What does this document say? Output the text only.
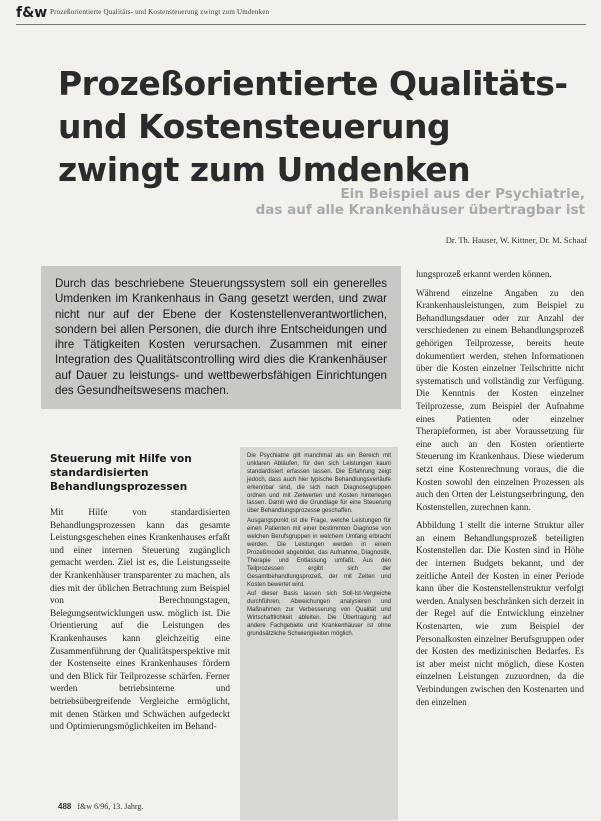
f&w Prozeßorientierte Qualitäts- und Kostensteuerung zwingt zum Umdenken
Prozeßorientierte Qualitäts-
und Kostensteuerung
zwingt zum Umdenken
Ein Beispiel aus der Psychiatrie,
das auf alle Krankenhäuser übertragbar ist
Dr. Th. Hauser, W. Kittner, Dr. M. Schaaf
Durch das beschriebene Steuerungssystem soll ein generelles Umdenken im Krankenhaus in Gang gesetzt werden, und zwar nicht nur auf der Ebene der Kostenstellenverantwortlichen, sondern bei allen Personen, die durch ihre Entscheidungen und ihre Tätigkeiten Kosten verursachen. Zusammen mit einer Integration des Qualitätscontrolling wird dies die Krankenhäuser auf Dauer zu leistungs- und wettbewerbsfähigen Einrichtungen des Gesundheitswesens machen.
Steuerung mit Hilfe von standardisierten Behandlungsprozessen

Mit Hilfe von standardisierten Behandlungsprozessen kann das gesamte Leistungsgeschehen eines Krankenhauses erfaßt und einer internen Steuerung zugänglich gemacht werden. Ziel ist es, die Leistungsseite der Krankenhäuser transparenter zu machen, als dies mit der üblichen Betrachtung zum Beispiel von Berechnungstagen, Belegungsentwicklungen usw. möglich ist. Die Orientierung auf die Leistungen des Krankenhauses kann gleichzeitig eine Zusammenführung der Qualitätsperspektive mit der Kostenseite eines Krankenhauses fördern und den Blick für Teilprozesse schärfen. Ferner werden betriebsinterne und betriebsübergreifende Vergleiche ermöglicht, mit denen Stärken und Schwächen aufgedeckt und Optimierungsmöglichkeiten im Behand-

Die Psychiatrie gilt manchmal als ein Bereich mit unklaren Abläufen, für den sich Leistungen kaum standardisiert erfassen lassen. Die Erfahrung zeigt jedoch, dass auch hier typische Behandlungsverläufe erkennbar sind, die sich nach Diagnosegruppen ordnen und mit Zeitwerten und Kosten hinterlegen lassen. Damit wird die Grundlage für eine Steuerung über Behandlungsprozesse geschaffen.

Ausgangspunkt ist die Frage, welche Leistungen für einen Patienten mit einer bestimmten Diagnose von welchen Berufsgruppen in welchem Umfang erbracht werden. Die Leistungen werden in einem Prozeßmodell abgebildet, das Aufnahme, Diagnostik, Therapie und Entlassung umfaßt. Aus den Teilprozessen ergibt sich der Gesamtbehandlungsprozeß, der mit Zeiten und Kosten bewertet wird.

Auf dieser Basis lassen sich Soll-Ist-Vergleiche durchführen, Abweichungen analysieren und Maßnahmen zur Verbesserung von Qualität und Wirtschaftlichkeit ableiten. Die Übertragung auf andere Fachgebiete und Krankenhäuser ist ohne grundsätzliche Schwierigkeiten möglich.

lungsprozeß erkannt werden können.

Während einzelne Angaben zu den Krankenhausleistungen, zum Beispiel zu Behandlungsdauer oder zur Anzahl der verschiedenen zu einem Behandlungsprozeß gehörigen Teilprozesse, bereits heute dokumentiert werden, stehen Informationen über die Kosten einzelner Teilschritte nicht systematisch und vollständig zur Verfügung. Die Kenntnis der Kosten einzelner Teilprozesse, zum Beispiel der Aufnahme eines Patienten oder einzelner Therapieformen, ist aber Voraussetzung für eine auch an den Kosten orientierte Steuerung im Krankenhaus. Diese wiederum setzt eine Kostenrechnung voraus, die die Kosten sowohl den einzelnen Prozessen als auch den Orten der Leistungserbringung, den Kostenstellen, zurechnen kann.

Abbildung 1 stellt die interne Struktur aller an einem Behandlungsprozeß beteiligten Kostenstellen dar. Die Kosten sind in Höhe der internen Budgets bekannt, und der zeitliche Anteil der Kosten in einer Periode kann über die Kostenstellenstruktur verfolgt werden. Analysen beschränken sich derzeit in der Regel auf die Entwicklung einzelner Kostenarten, wie zum Beispiel der Personalkosten einzelner Berufsgruppen oder der Kosten des medizinischen Bedarfes. Es ist aber meist nicht möglich, diese Kosten einzelnen Leistungen zuzuordnen, da die Verbindungen zwischen den Kostenarten und den einzelnen

488 f&w 6/96, 13. Jahrg.
